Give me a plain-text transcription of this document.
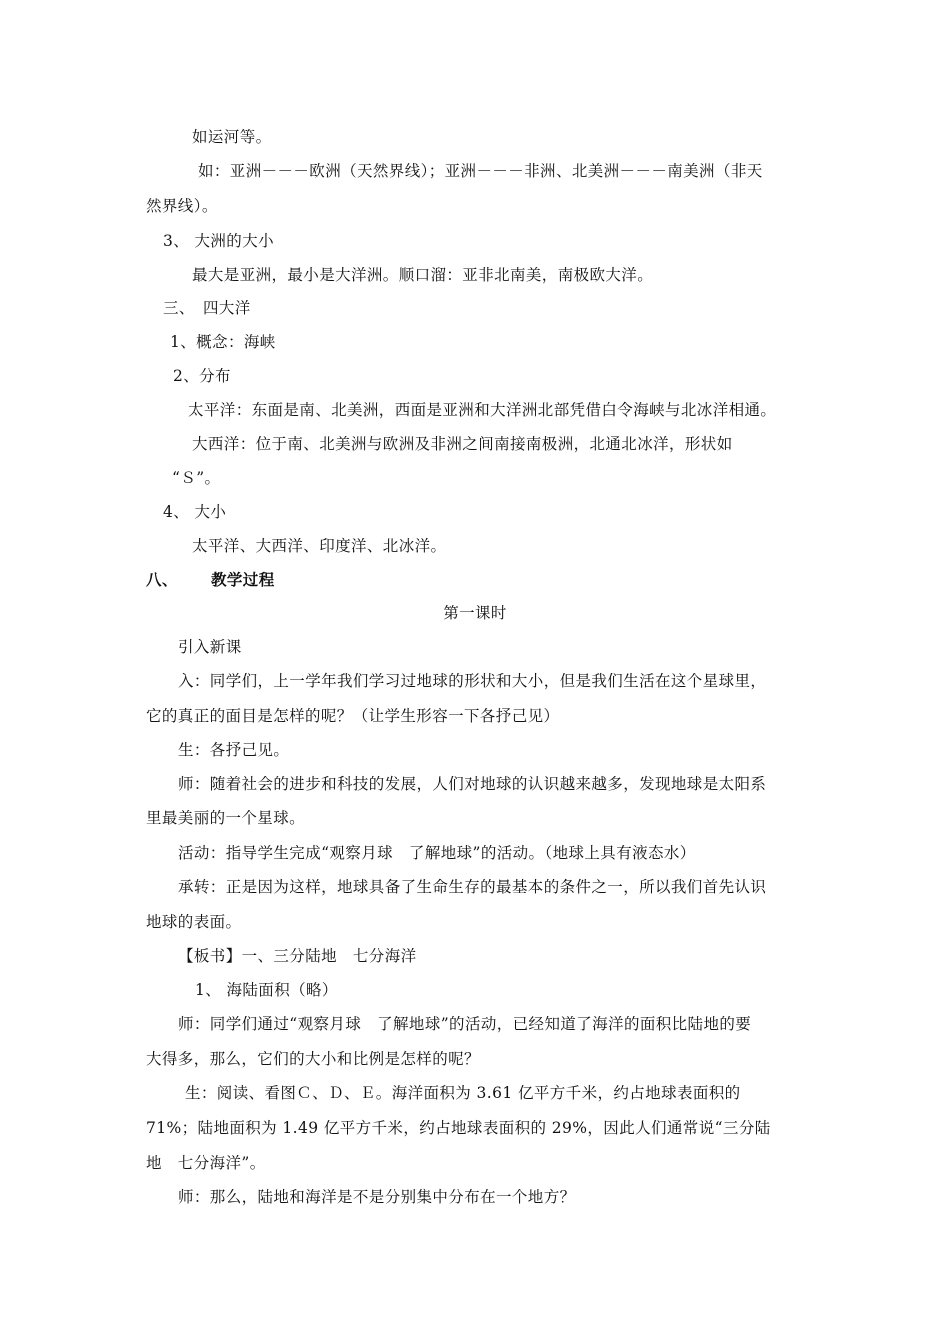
如运河等。
如：亚洲－－－欧洲（天然界线）；亚洲－－－非洲、北美洲－－－南美洲（非天
然界线）。
3、 大洲的大小
最大是亚洲，最小是大洋洲。顺口溜：亚非北南美，南极欧大洋。
三、　四大洋
1、概念：海峡
2、分布
太平洋：东面是南、北美洲，西面是亚洲和大洋洲北部凭借白令海峡与北冰洋相通。
大西洋：位于南、北美洲与欧洲及非洲之间南接南极洲，北通北冰洋，形状如
“Ｓ”。
4、 大小
太平洋、大西洋、印度洋、北冰洋。
八、 教学过程
第一课时
引入新课
入：同学们，上一学年我们学习过地球的形状和大小，但是我们生活在这个星球里，
它的真正的面目是怎样的呢？（让学生形容一下各抒己见）
生：各抒己见。
师：随着社会的进步和科技的发展，人们对地球的认识越来越多，发现地球是太阳系
里最美丽的一个星球。
活动：指导学生完成“观察月球　了解地球”的活动。（地球上具有液态水）
承转：正是因为这样，地球具备了生命生存的最基本的条件之一，所以我们首先认识
地球的表面。
【板书】一、三分陆地　七分海洋
1、 海陆面积（略）
师：同学们通过“观察月球　了解地球”的活动，已经知道了海洋的面积比陆地的要
大得多，那么，它们的大小和比例是怎样的呢？
生：阅读、看图Ｃ、Ｄ、Ｅ。海洋面积为 3.61 亿平方千米，约占地球表面积的
71%；陆地面积为 1.49 亿平方千米，约占地球表面积的 29%，因此人们通常说“三分陆
地　七分海洋”。
师：那么，陆地和海洋是不是分别集中分布在一个地方？
